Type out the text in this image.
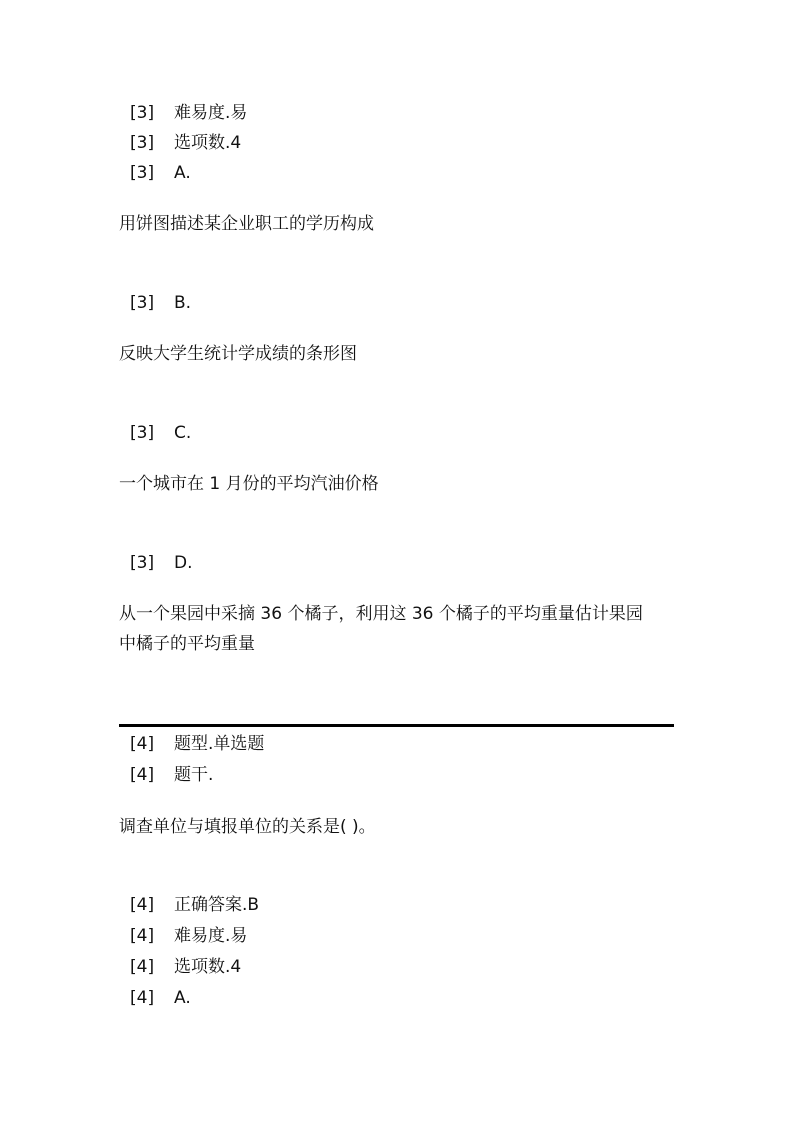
[3]	难易度.易
[3]	选项数.4
[3]	A.
用饼图描述某企业职工的学历构成
[3]	B.
反映大学生统计学成绩的条形图
[3]	C.
一个城市在 1 月份的平均汽油价格
[3]	D.
从一个果园中采摘 36 个橘子，利用这 36 个橘子的平均重量估计果园
中橘子的平均重量
[4]	题型.单选题
[4]	题干.
调查单位与填报单位的关系是( )。
[4]	正确答案.B
[4]	难易度.易
[4]	选项数.4
[4]	A.
